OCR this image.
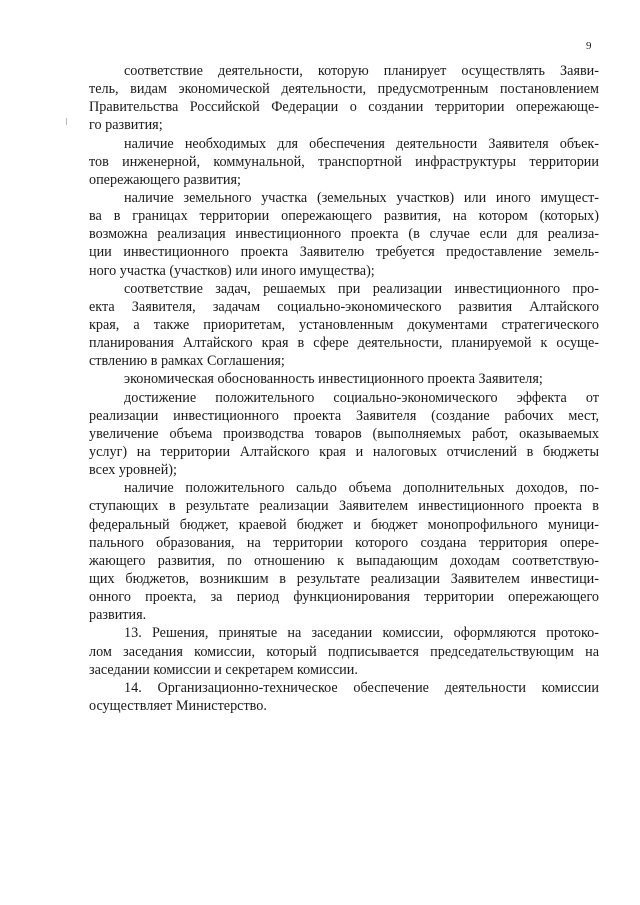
9
соответствие деятельности, которую планирует осуществлять Заяви-
тель, видам экономической деятельности, предусмотренным постановлением
Правительства Российской Федерации о создании территории опережающе-
го развития;
наличие необходимых для обеспечения деятельности Заявителя объек-
тов инженерной, коммунальной, транспортной инфраструктуры территории
опережающего развития;
наличие земельного участка (земельных участков) или иного имущест-
ва в границах территории опережающего развития, на котором (которых)
возможна реализация инвестиционного проекта (в случае если для реализа-
ции инвестиционного проекта Заявителю требуется предоставление земель-
ного участка (участков) или иного имущества);
соответствие задач, решаемых при реализации инвестиционного про-
екта Заявителя, задачам социально-экономического развития Алтайского
края, а также приоритетам, установленным документами стратегического
планирования Алтайского края в сфере деятельности, планируемой к осуще-
ствлению в рамках Соглашения;
экономическая обоснованность инвестиционного проекта Заявителя;
достижение положительного социально-экономического эффекта от
реализации инвестиционного проекта Заявителя (создание рабочих мест,
увеличение объема производства товаров (выполняемых работ, оказываемых
услуг) на территории Алтайского края и налоговых отчислений в бюджеты
всех уровней);
наличие положительного сальдо объема дополнительных доходов, по-
ступающих в результате реализации Заявителем инвестиционного проекта в
федеральный бюджет, краевой бюджет и бюджет монопрофильного муници-
пального образования, на территории которого создана территория опере-
жающего развития, по отношению к выпадающим доходам соответствую-
щих бюджетов, возникшим в результате реализации Заявителем инвестици-
онного проекта, за период функционирования территории опережающего
развития.
13. Решения, принятые на заседании комиссии, оформляются протоко-
лом заседания комиссии, который подписывается председательствующим на
заседании комиссии и секретарем комиссии.
14. Организационно-техническое обеспечение деятельности комиссии
осуществляет Министерство.
